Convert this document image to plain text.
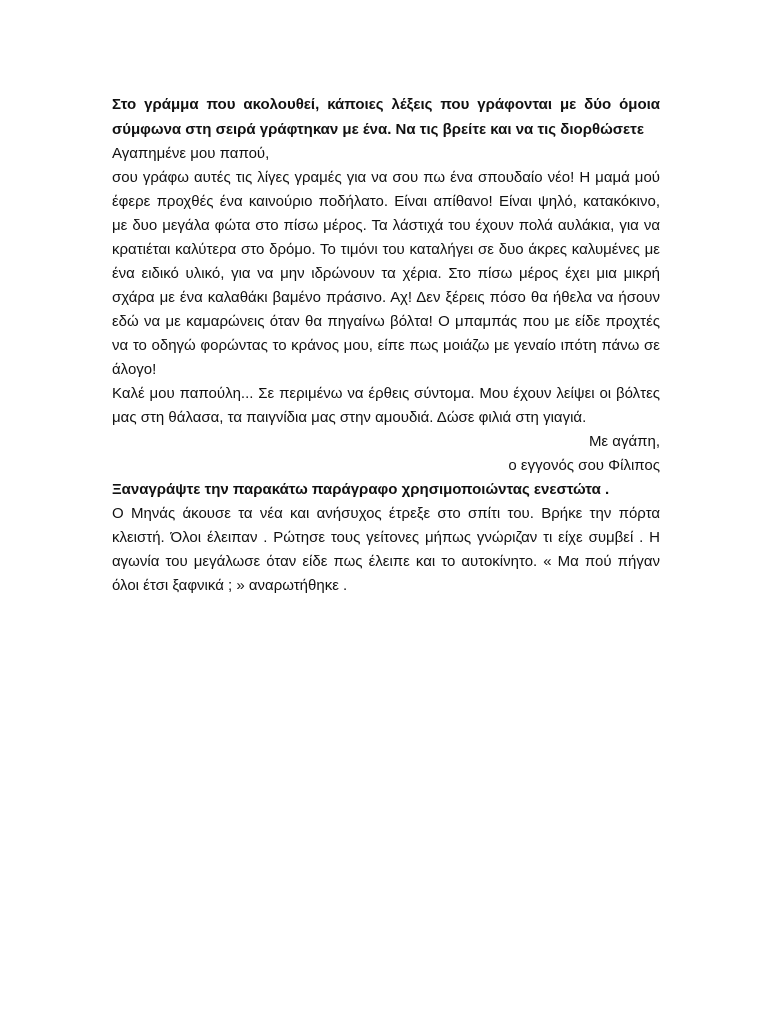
Στο γράμμα που ακολουθεί, κάποιες λέξεις που γράφονται με δύο όμοια σύμφωνα στη σειρά γράφτηκαν με ένα. Να τις βρείτε και να τις διορθώσετε
Αγαπημένε μου παπού,

σου γράφω αυτές τις λίγες γραμές για να σου πω ένα σπουδαίο νέο! Η μαμά μού έφερε προχθές ένα καινούριο ποδήλατο. Είναι απίθανο! Είναι ψηλό, κατακόκινο, με δυο μεγάλα φώτα στο πίσω μέρος. Τα λάστιχά του έχουν πολά αυλάκια, για να κρατιέται καλύτερα στο δρόμο. Το τιμόνι του καταλήγει σε δυο άκρες καλυμένες με ένα ειδικό υλικό, για να μην ιδρώνουν τα χέρια. Στο πίσω μέρος έχει μια μικρή σχάρα με ένα καλαθάκι βαμένο πράσινο. Αχ! Δεν ξέρεις πόσο θα ήθελα να ήσουν εδώ να με καμαρώνεις όταν θα πηγαίνω βόλτα! Ο μπαμπάς που με είδε προχτές να το οδηγώ φορώντας το κράνος μου, είπε πως μοιάζω με γεναίο ιπότη πάνω σε άλογο!

Καλέ μου παπούλη... Σε περιμένω να έρθεις σύντομα. Μου έχουν λείψει οι βόλτες μας στη θάλασα, τα παιγνίδια μας στην αμουδιά. Δώσε φιλιά στη γιαγιά.

Με αγάπη,
ο εγγονός σου Φίλιπος
Ξαναγράψτε την παρακάτω παράγραφο χρησιμοποιώντας ενεστώτα .

Ο Μηνάς άκουσε τα νέα και ανήσυχος έτρεξε στο σπίτι του. Βρήκε την πόρτα κλειστή. Όλοι έλειπαν . Ρώτησε τους γείτονες μήπως γνώριζαν τι είχε συμβεί . Η αγωνία του μεγάλωσε όταν είδε πως έλειπε και το αυτοκίνητο. « Μα πού πήγαν όλοι έτσι ξαφνικά ; » αναρωτήθηκε .
